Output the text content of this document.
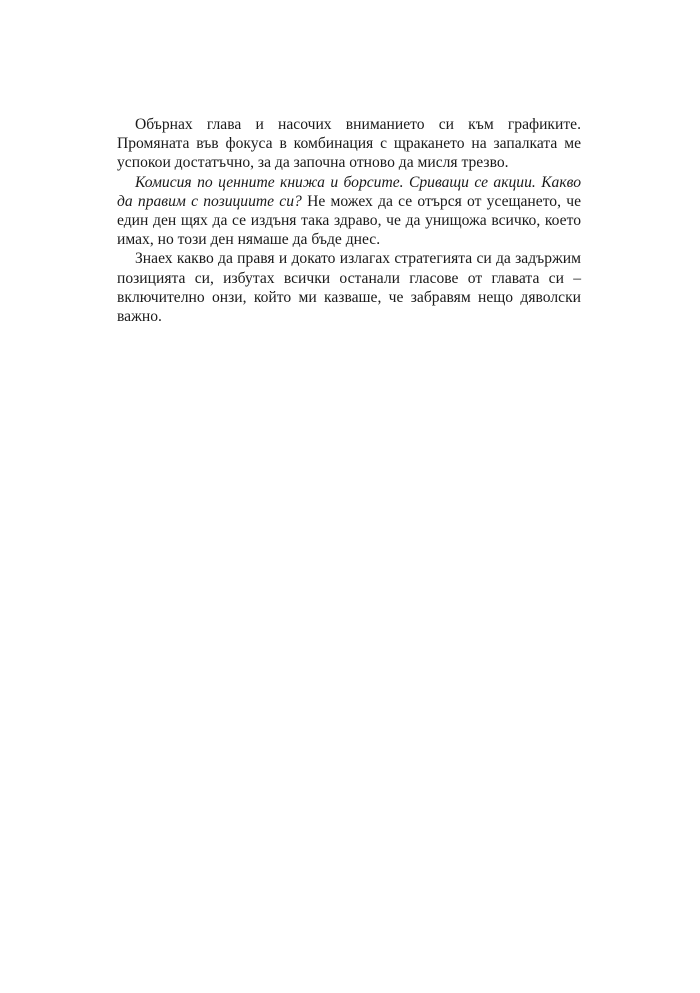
Обърнах глава и насочих вниманието си към графиките. Промяната във фокуса в комбинация с щракането на запалката ме успокои достатъчно, за да започна отново да мисля трезво.

Комисия по ценните книжа и борсите. Сриващи се акции. Какво да правим с позициите си? Не можех да се отърся от усещането, че един ден щях да се издъня така здраво, че да унищожа всичко, което имах, но този ден нямаше да бъде днес.

Знаех какво да правя и докато излагах стратегията си да задържим позицията си, избутах всички останали гласове от главата си – включително онзи, който ми казваше, че забравям нещо дяволски важно.
